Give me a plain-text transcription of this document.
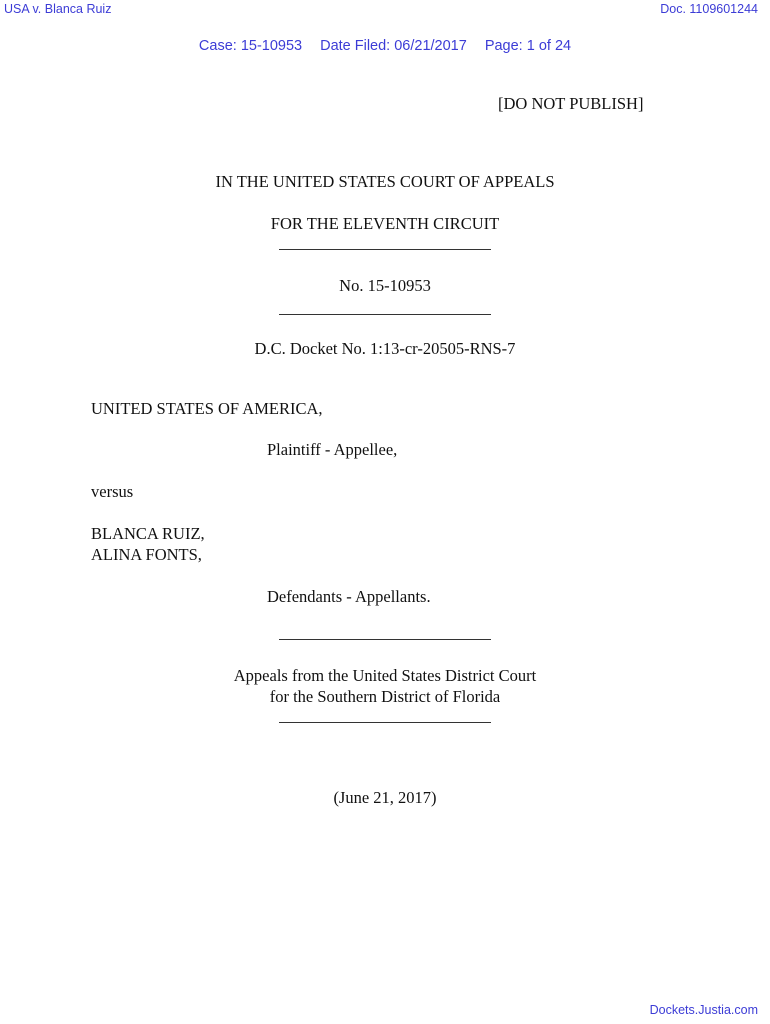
USA v. Blanca Ruiz	Doc. 1109601244
Case: 15-10953 Date Filed: 06/21/2017 Page: 1 of 24
[DO NOT PUBLISH]
IN THE UNITED STATES COURT OF APPEALS
FOR THE ELEVENTH CIRCUIT
No. 15-10953
D.C. Docket No. 1:13-cr-20505-RNS-7
UNITED STATES OF AMERICA,
Plaintiff - Appellee,
versus
BLANCA RUIZ,
ALINA FONTS,
Defendants - Appellants.
Appeals from the United States District Court
for the Southern District of Florida
(June 21, 2017)
Dockets.Justia.com
